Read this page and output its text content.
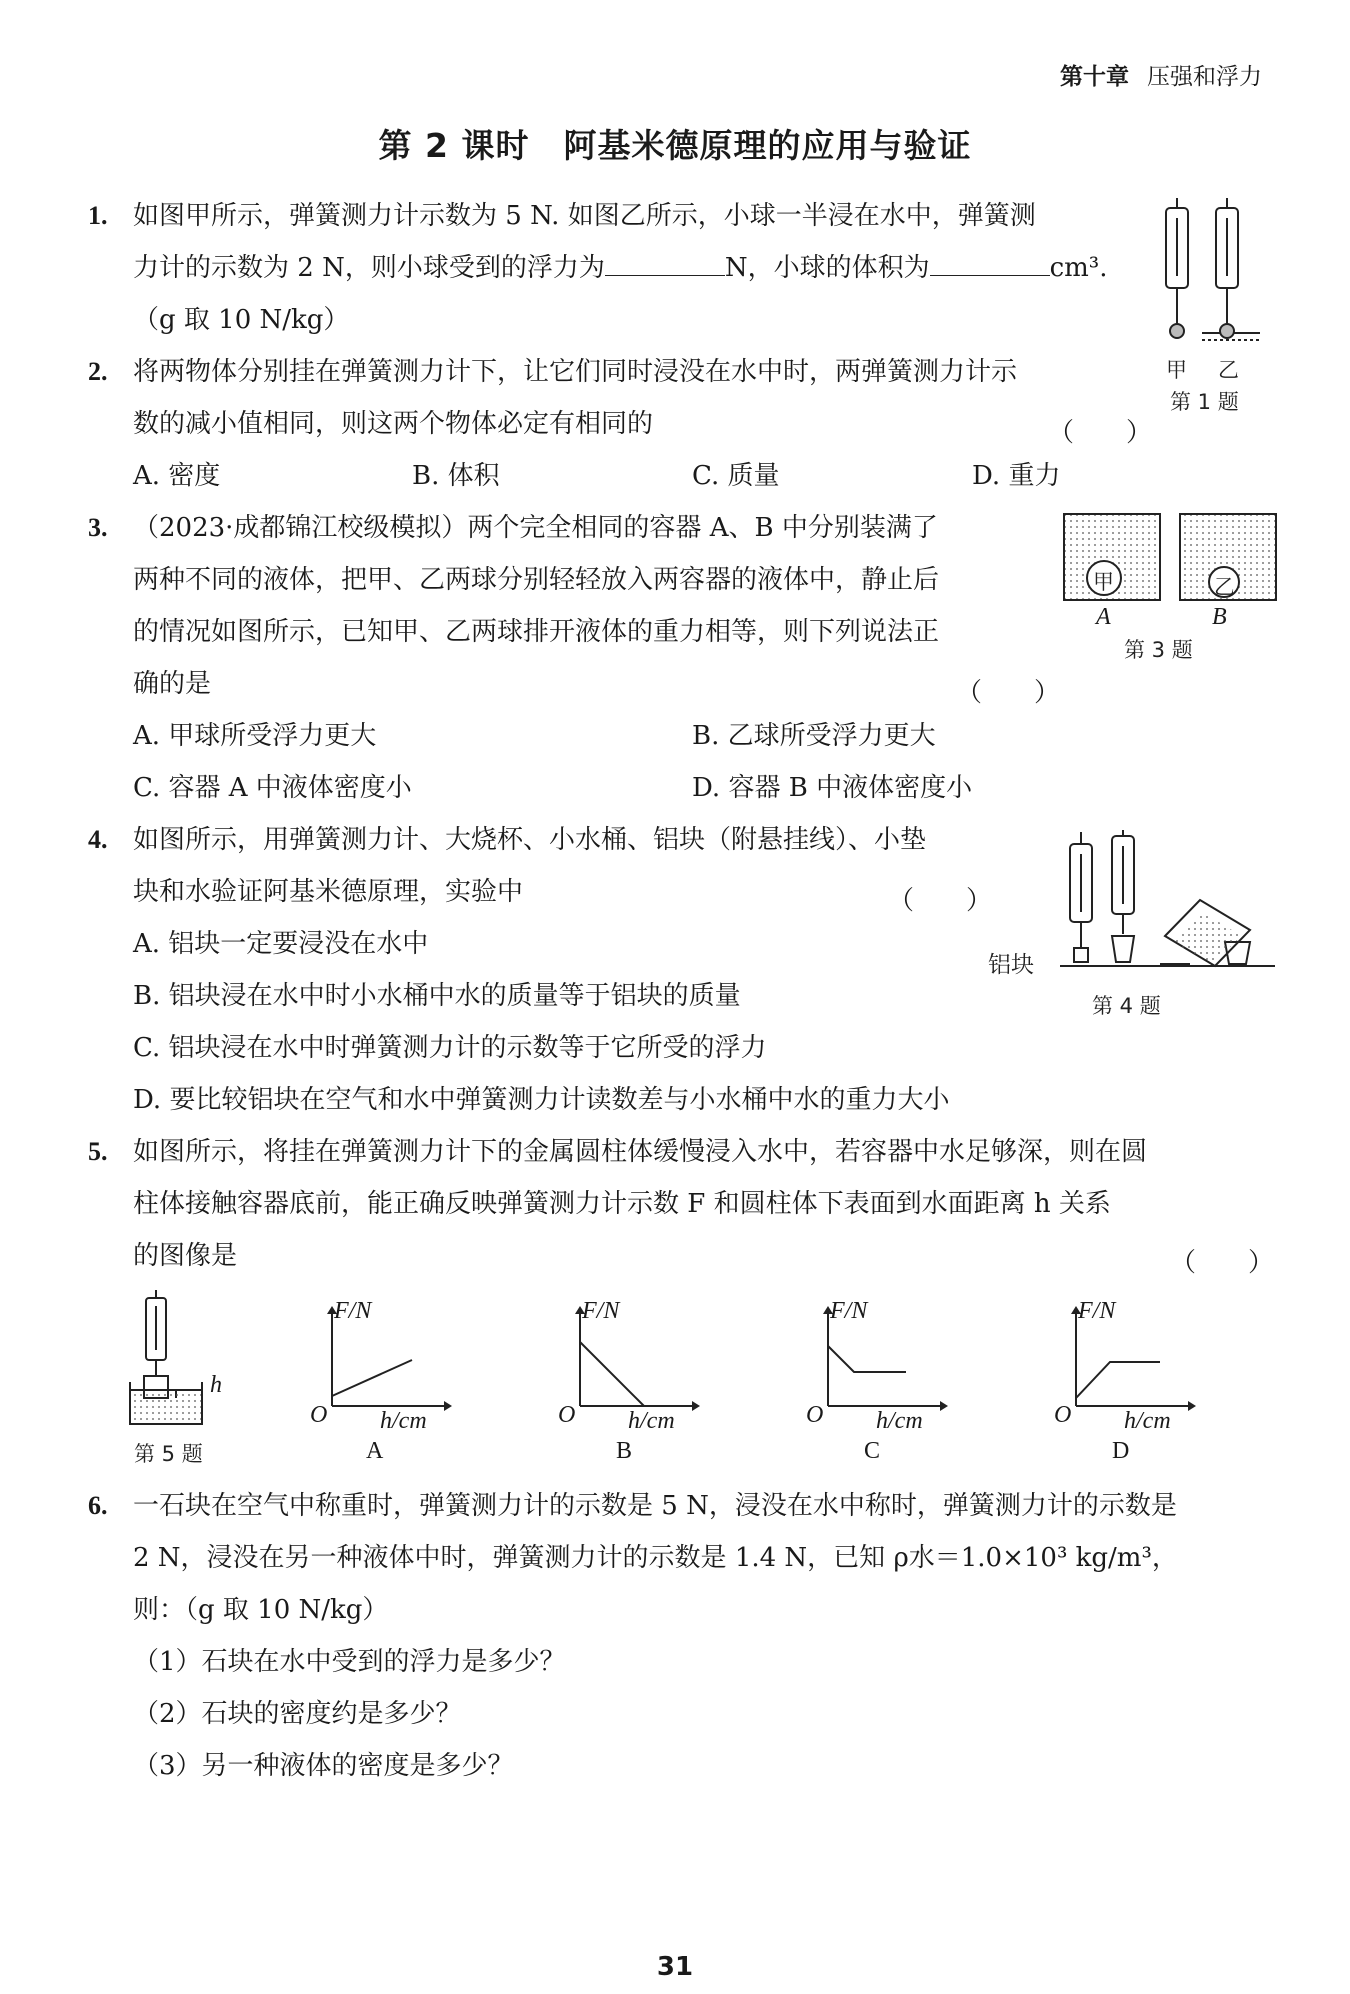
第十章 压强和浮力
第 2 课时 阿基米德原理的应用与验证
1. 如图甲所示，弹簧测力计示数为 5 N. 如图乙所示，小球一半浸在水中，弹簧测
力计的示数为 2 N，则小球受到的浮力为	N，小球的体积为	cm³.
（g 取 10 N/kg）
甲 乙
第 1 题
2. 将两物体分别挂在弹簧测力计下，让它们同时浸没在水中时，两弹簧测力计示
数的减小值相同，则这两个物体必定有相同的	（　　）
A. 密度	B. 体积	C. 质量	D. 重力
3. （2023·成都锦江校级模拟）两个完全相同的容器 A、B 中分别装满了
两种不同的液体，把甲、乙两球分别轻轻放入两容器的液体中，静止后
的情况如图所示，已知甲、乙两球排开液体的重力相等，则下列说法正
确的是	（　　）
A. 甲球所受浮力更大	B. 乙球所受浮力更大
C. 容器 A 中液体密度小	D. 容器 B 中液体密度小
甲	乙
A	B
第 3 题
4. 如图所示，用弹簧测力计、大烧杯、小水桶、铝块（附悬挂线）、小垫
块和水验证阿基米德原理，实验中	（　　）
A. 铝块一定要浸没在水中
B. 铝块浸在水中时小水桶中水的质量等于铝块的质量
C. 铝块浸在水中时弹簧测力计的示数等于它所受的浮力
D. 要比较铝块在空气和水中弹簧测力计读数差与小水桶中水的重力大小
铝块
第 4 题
5. 如图所示，将挂在弹簧测力计下的金属圆柱体缓慢浸入水中，若容器中水足够深，则在圆
柱体接触容器底前，能正确反映弹簧测力计示数 F 和圆柱体下表面到水面距离 h 关系
的图像是	（　　）
h
第 5 题
F/N
O h/cm
A
F/N
O h/cm
B
F/N
O h/cm
C
F/N
O h/cm
D
6. 一石块在空气中称重时，弹簧测力计的示数是 5 N，浸没在水中称时，弹簧测力计的示数是
2 N，浸没在另一种液体中时，弹簧测力计的示数是 1.4 N，已知 ρ水＝1.0×10³ kg/m³，
则：（g 取 10 N/kg）
（1）石块在水中受到的浮力是多少？
（2）石块的密度约是多少？
（3）另一种液体的密度是多少？
31
